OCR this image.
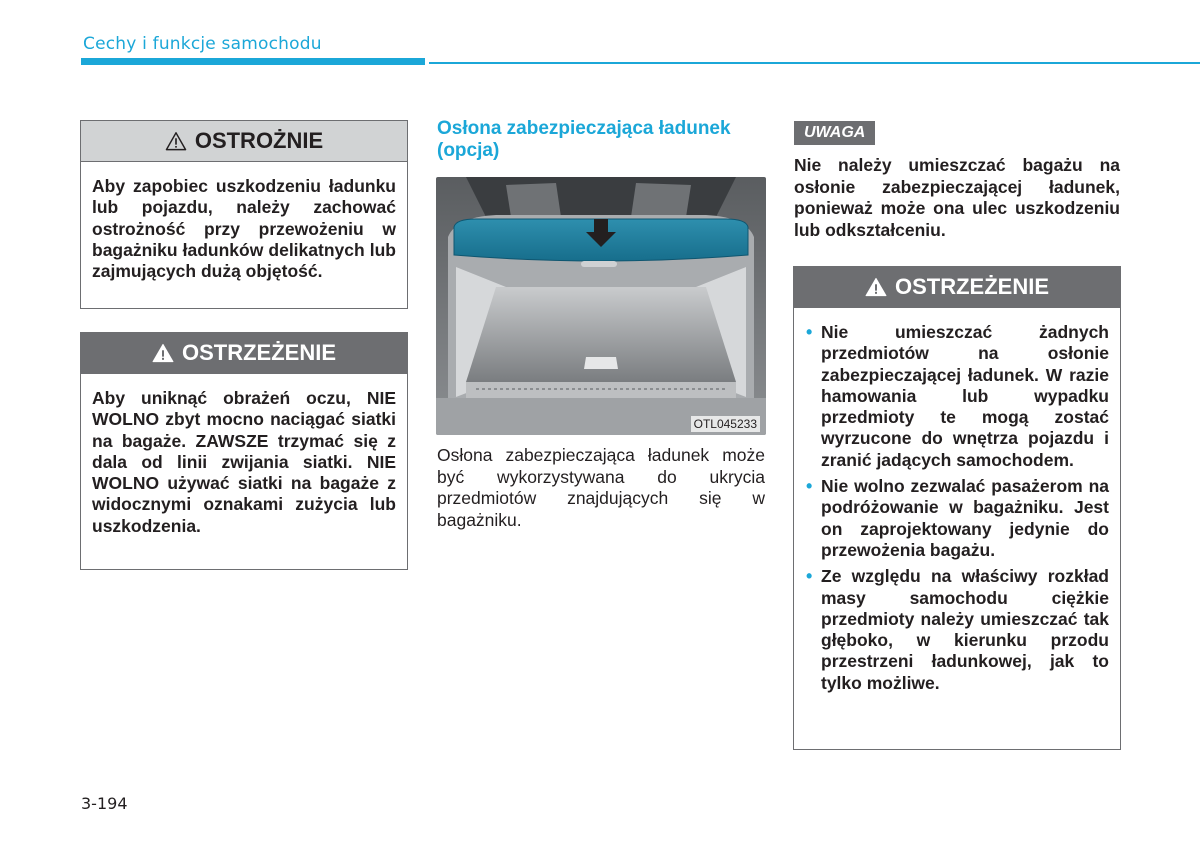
Cechy i funkcje samochodu
OSTROŻNIE
Aby zapobiec uszkodzeniu ładunku lub pojazdu, należy zachować ostrożność przy przewożeniu w bagażniku ładunków delikatnych lub zajmujących dużą objętość.
OSTRZEŻENIE
Aby uniknąć obrażeń oczu, NIE WOLNO zbyt mocno naciągać siatki na bagaże. ZAWSZE trzymać się z dala od linii zwijania siatki. NIE WOLNO używać siatki na bagaże z widocznymi oznakami zużycia lub uszkodzenia.
Osłona zabezpieczająca ładunek (opcja)
OTL045233
Osłona zabezpieczająca ładunek może być wykorzystywana do ukrycia przedmiotów znajdujących się w bagażniku.
UWAGA
Nie należy umieszczać bagażu na osłonie zabezpieczającej ładunek, ponieważ może ona ulec uszkodzeniu lub odkształceniu.
OSTRZEŻENIE
• Nie umieszczać żadnych przedmiotów na osłonie zabezpieczającej ładunek. W razie hamowania lub wypadku przedmioty te mogą zostać wyrzucone do wnętrza pojazdu i zranić jadących samochodem.
• Nie wolno zezwalać pasażerom na podróżowanie w bagażniku. Jest on zaprojektowany jedynie do przewożenia bagażu.
• Ze względu na właściwy rozkład masy samochodu ciężkie przedmioty należy umieszczać tak głęboko, w kierunku przodu przestrzeni ładunkowej, jak to tylko możliwe.
3-194
